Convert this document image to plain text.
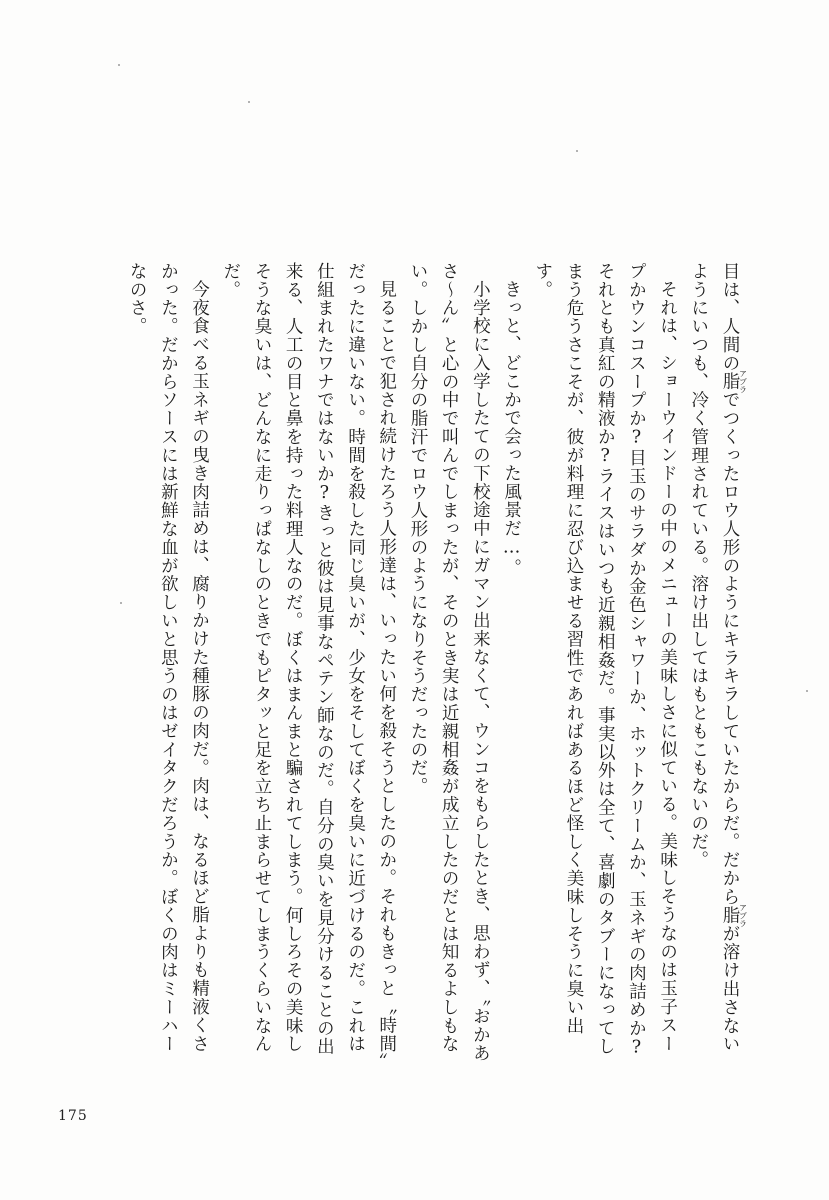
目は、人間の脂アブラでつくったロウ人形のようにキラキラしていたからだ。だから脂アブラが溶け出さないようにいつも、冷く管理されている。溶け出してはもともこもないのだ。

それは、ショーウインドーの中のメニューの美味しさに似ている。美味しそうなのは玉子スープかウンコスープか?目玉のサラダか金色シャワーか、ホットクリームか、玉ネギの肉詰めか?それとも真紅の精液か?ライスはいつも近親相姦だ。事実以外は全て、喜劇のタブーになってしまう危うさこそが、彼が料理に忍び込ませる習性であればあるほど怪しく美味しそうに臭い出す。

きっと、どこかで会った風景だ…。

小学校に入学したての下校途中にガマン出来なくて、ウンコをもらしたとき、思わず、〝おかあさ〜ん〟と心の中で叫んでしまったが、そのとき実は近親相姦が成立したのだとは知るよしもない。しかし自分の脂汗でロウ人形のようになりそうだったのだ。

見ることで犯され続けたろう人形達は、いったい何を殺そうとしたのか。それもきっと〝時間〟だったに違いない。時間を殺した同じ臭いが、少女をそしてぼくを臭いに近づけるのだ。これは仕組まれたワナではないか?きっと彼は見事なペテン師なのだ。自分の臭いを見分けることの出来る、人工の目と鼻を持った料理人なのだ。ぼくはまんまと騙されてしまう。何しろその美味しそうな臭いは、どんなに走りっぱなしのときでもピタッと足を立ち止まらせてしまうくらいなんだ。

今夜食べる玉ネギの曳き肉詰めは、腐りかけた種豚の肉だ。肉は、なるほど脂よりも精液くさかった。だからソースには新鮮な血が欲しいと思うのはゼイタクだろうか。ぼくの肉はミーハーなのさ。

175
